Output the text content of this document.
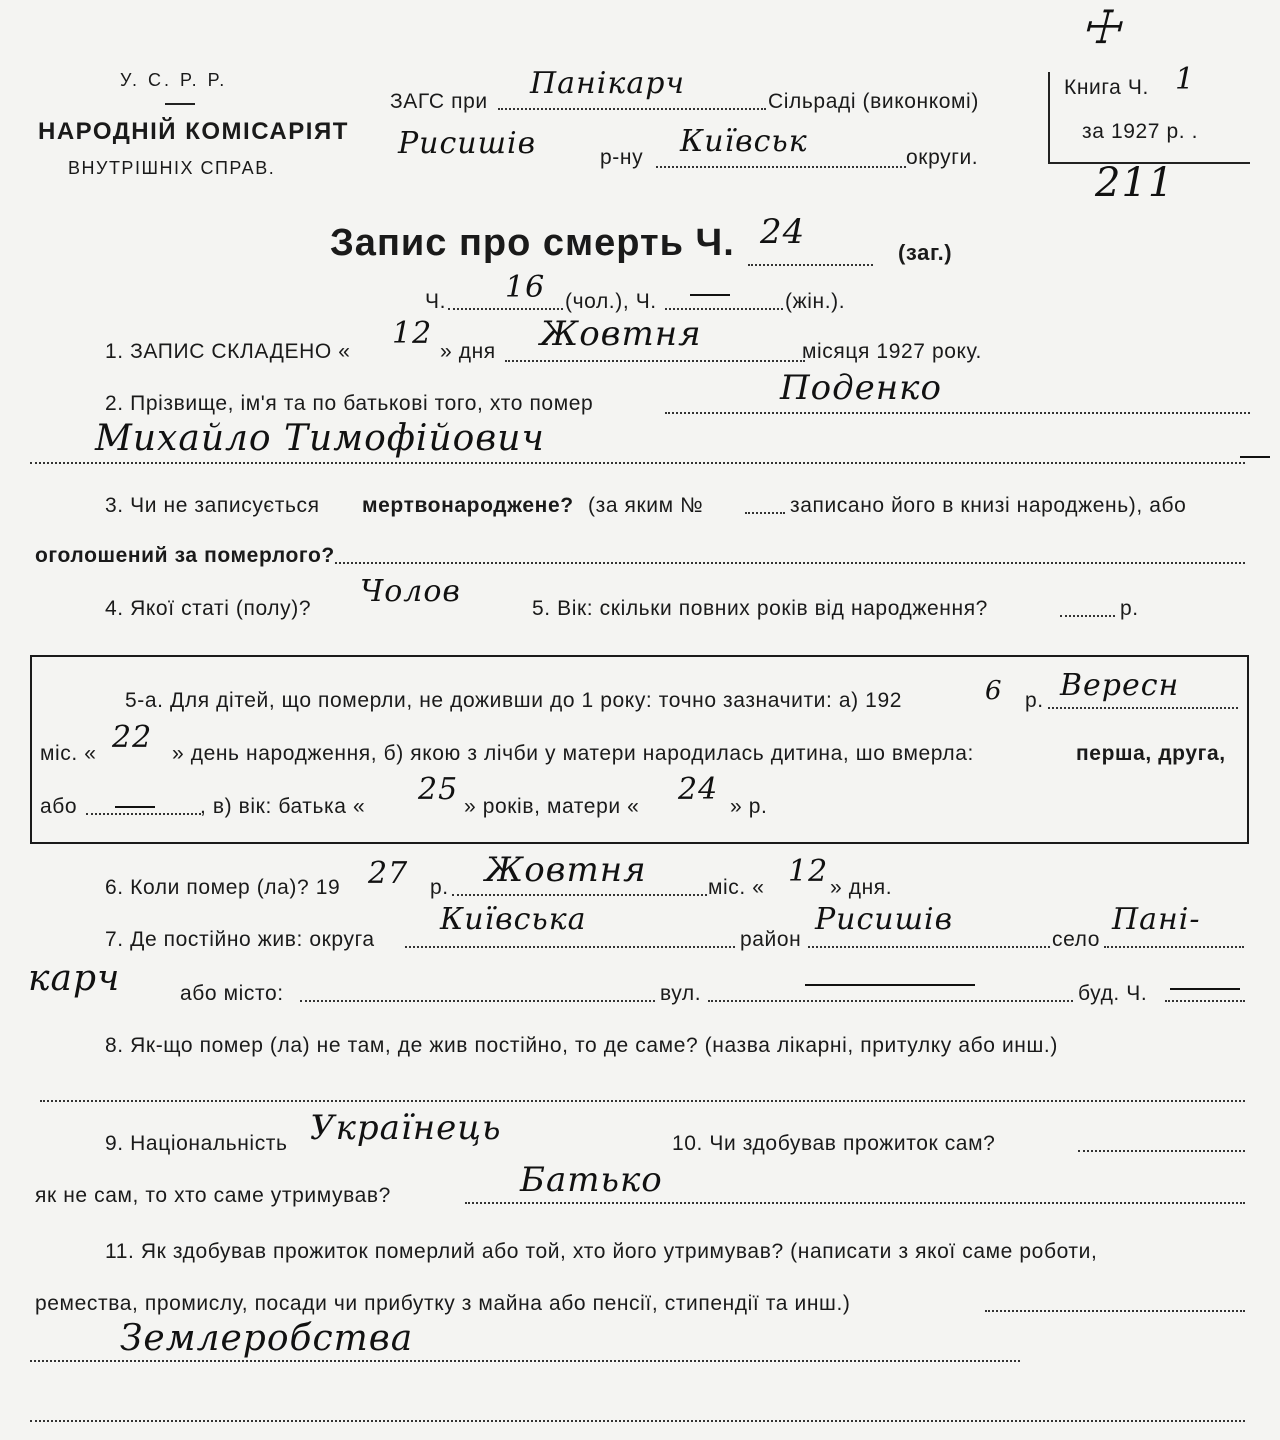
У. С. Р. Р.
НАРОДНІЙ КОМІСАРІЯТ
ВНУТРІШНІХ СПРАВ.
ЗАГС при
Панікарч
Сільраді (виконкомі)
Рисишів	р-ну Київськ	округи.
Книга Ч. 1
за 1927 р. .
211
☩
Запис про смерть Ч. 24
(заг.)
Ч. 16 (чол.), Ч.	(жін.).
1. ЗАПИС СКЛАДЕНО «
12
» дня Жовтня	місяця 1927 року.
2. Прізвище, ім'я та по батькові того, хто помер	Поденко
Михайло Тимофійович
3. Чи не записується мертвонароджене? (за яким №	записано його в книзі народжень), або
оголошений за померлого?
4. Якої статі (полу)? Чолов	5. Вік: скільки повних років від народження?	р.
5-а. Для дітей, що померли, не доживши до 1 року: точно зазначити: а) 192	6 р. Вересн
міс. « 22 » день народження, б) якою з лічби у матери народилась дитина, шо вмерла:	перша, друга,
або	, в) вік: батька « 25 » років, матери « 24 » р.
6. Коли помер (ла)? 19 27 р. Жовтня	міс. « 12 » дня.
7. Де постійно жив: округа
Київська
район
Рисишів
село
Пані-
карч	або місто:	вул.	буд. Ч.
8. Як-що помер (ла) не там, де жив постійно, то де саме? (назва лікарні, притулку або инш.)
9. Національність Українець	10. Чи здобував прожиток сам?
як не сам, то хто саме утримував?	Батько
11. Як здобував прожиток померлий або той, хто його утримував? (написати з якої саме роботи,
ремества, промислу, посади чи прибутку з майна або пенсії, стипендії та инш.)
Землеробства
